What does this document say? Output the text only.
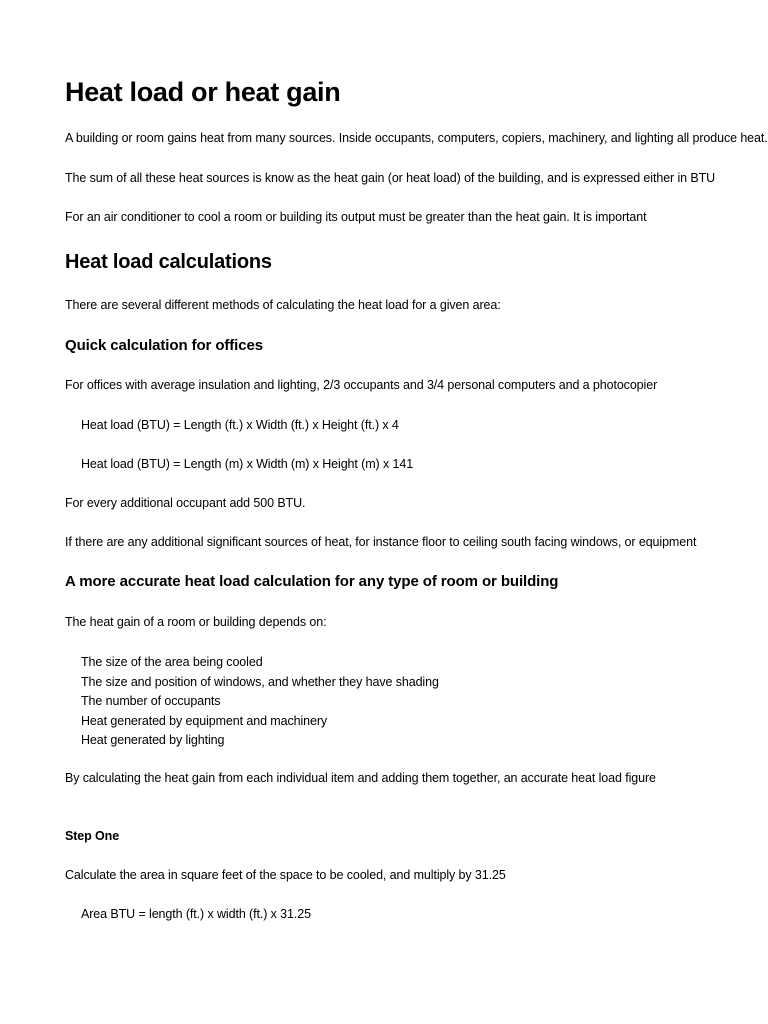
Heat load or heat gain
A building or room gains heat from many sources. Inside occupants, computers, copiers, machinery, and lighting all produce heat.
The sum of all these heat sources is know as the heat gain (or heat load) of the building, and is expressed either in BTU
For an air conditioner to cool a room or building its output must be greater than the heat gain. It is important
Heat load calculations
There are several different methods of calculating the heat load for a given area:
Quick calculation for offices
For offices with average insulation and lighting, 2/3 occupants and 3/4 personal computers and a photocopier
Heat load (BTU) = Length (ft.) x Width (ft.) x Height (ft.) x 4
Heat load (BTU) = Length (m) x Width (m) x Height (m) x 141
For every additional occupant add 500 BTU.
If there are any additional significant sources of heat, for instance floor to ceiling south facing windows, or equipment
A more accurate heat load calculation for any type of room or building
The heat gain of a room or building depends on:
The size of the area being cooled
The size and position of windows, and whether they have shading
The number of occupants
Heat generated by equipment and machinery
Heat generated by lighting
By calculating the heat gain from each individual item and adding them together, an accurate heat load figure
Step One
Calculate the area in square feet of the space to be cooled, and multiply by 31.25
Area BTU = length (ft.) x width (ft.) x 31.25
